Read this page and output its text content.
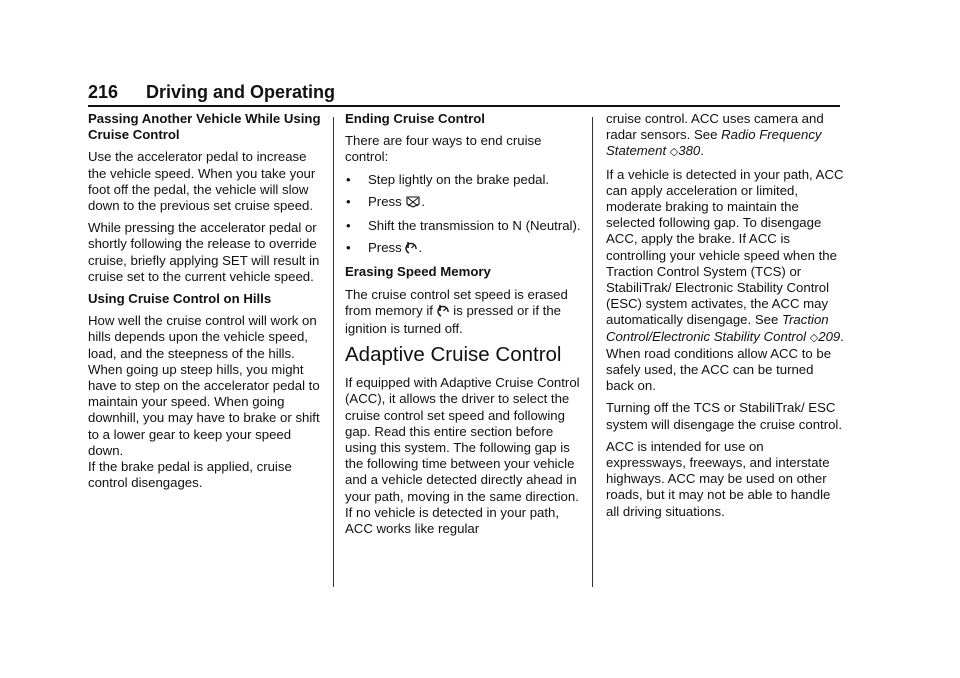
216 Driving and Operating
Passing Another Vehicle While Using Cruise Control

Use the accelerator pedal to increase the vehicle speed. When you take your foot off the pedal, the vehicle will slow down to the previous set cruise speed.

While pressing the accelerator pedal or shortly following the release to override cruise, briefly applying SET will result in cruise set to the current vehicle speed.

Using Cruise Control on Hills

How well the cruise control will work on hills depends upon the vehicle speed, load, and the steepness of the hills. When going up steep hills, you might have to step on the accelerator pedal to maintain your speed. When going downhill, you may have to brake or shift to a lower gear to keep your speed down.

If the brake pedal is applied, cruise control disengages.

Ending Cruise Control

There are four ways to end cruise control:

• Step lightly on the brake pedal.
• Press .
• Shift the transmission to N (Neutral).
• Press .
Erasing Speed Memory

The cruise control set speed is erased from memory if is pressed or if the ignition is turned off.

Adaptive Cruise Control

If equipped with Adaptive Cruise Control (ACC), it allows the driver to select the cruise control set speed and following gap. Read this entire section before using this system. The following gap is the following time between your vehicle and a vehicle detected directly ahead in your path, moving in the same direction. If no vehicle is detected in your path, ACC works like regular

cruise control. ACC uses camera and radar sensors. See Radio Frequency Statement ◇380.

If a vehicle is detected in your path, ACC can apply acceleration or limited, moderate braking to maintain the selected following gap. To disengage ACC, apply the brake. If ACC is controlling your vehicle speed when the Traction Control System (TCS) or StabiliTrak/ Electronic Stability Control (ESC) system activates, the ACC may automatically disengage. See Traction Control/Electronic Stability Control ◇209. When road conditions allow ACC to be safely used, the ACC can be turned back on.

Turning off the TCS or StabiliTrak/ ESC system will disengage the cruise control.

ACC is intended for use on expressways, freeways, and interstate highways. ACC may be used on other roads, but it may not be able to handle all driving situations.
